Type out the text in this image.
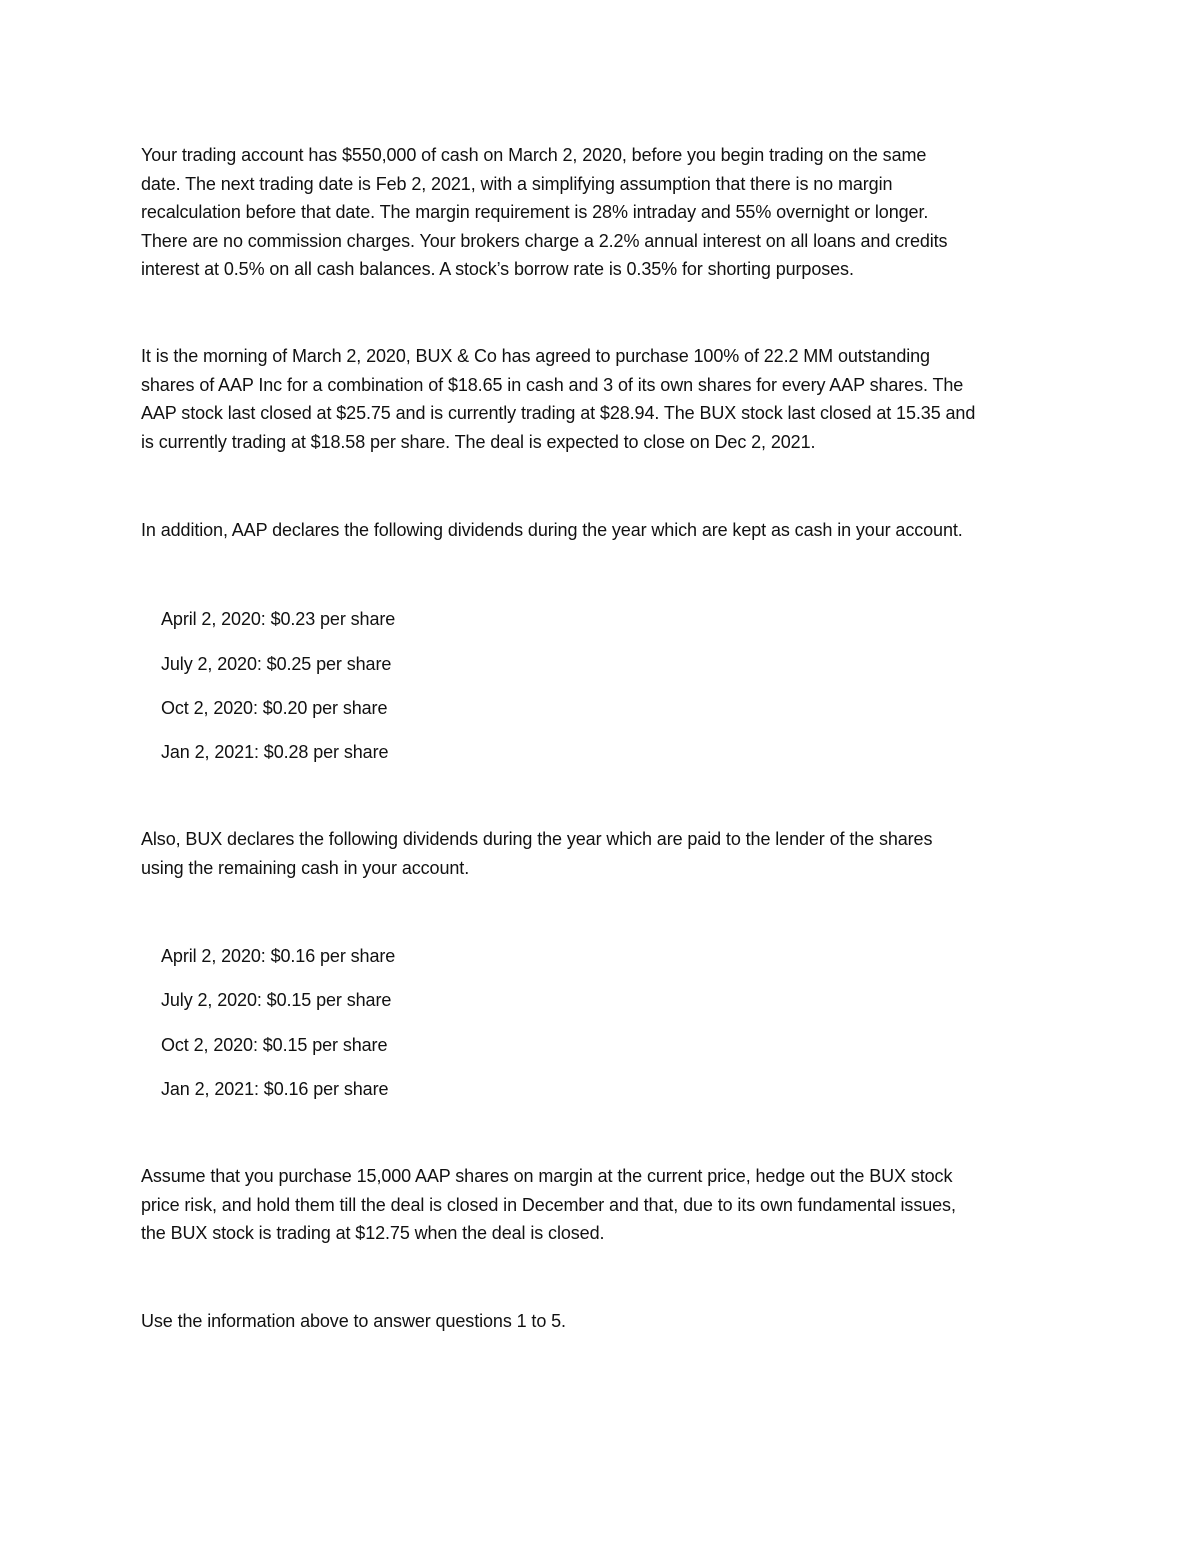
Your trading account has $550,000 of cash on March 2, 2020, before you begin trading on the same
date. The next trading date is Feb 2, 2021, with a simplifying assumption that there is no margin
recalculation before that date. The margin requirement is 28% intraday and 55% overnight or longer.
There are no commission charges. Your brokers charge a 2.2% annual interest on all loans and credits
interest at 0.5% on all cash balances. A stock’s borrow rate is 0.35% for shorting purposes.

It is the morning of March 2, 2020, BUX & Co has agreed to purchase 100% of 22.2 MM outstanding
shares of AAP Inc for a combination of $18.65 in cash and 3 of its own shares for every AAP shares. The
AAP stock last closed at $25.75 and is currently trading at $28.94. The BUX stock last closed at 15.35 and
is currently trading at $18.58 per share. The deal is expected to close on Dec 2, 2021.

In addition, AAP declares the following dividends during the year which are kept as cash in your account.

April 2, 2020: $0.23 per share

July 2, 2020: $0.25 per share

Oct 2, 2020: $0.20 per share

Jan 2, 2021: $0.28 per share

Also, BUX declares the following dividends during the year which are paid to the lender of the shares
using the remaining cash in your account.

April 2, 2020: $0.16 per share

July 2, 2020: $0.15 per share

Oct 2, 2020: $0.15 per share

Jan 2, 2021: $0.16 per share

Assume that you purchase 15,000 AAP shares on margin at the current price, hedge out the BUX stock
price risk, and hold them till the deal is closed in December and that, due to its own fundamental issues,
the BUX stock is trading at $12.75 when the deal is closed.

Use the information above to answer questions 1 to 5.
